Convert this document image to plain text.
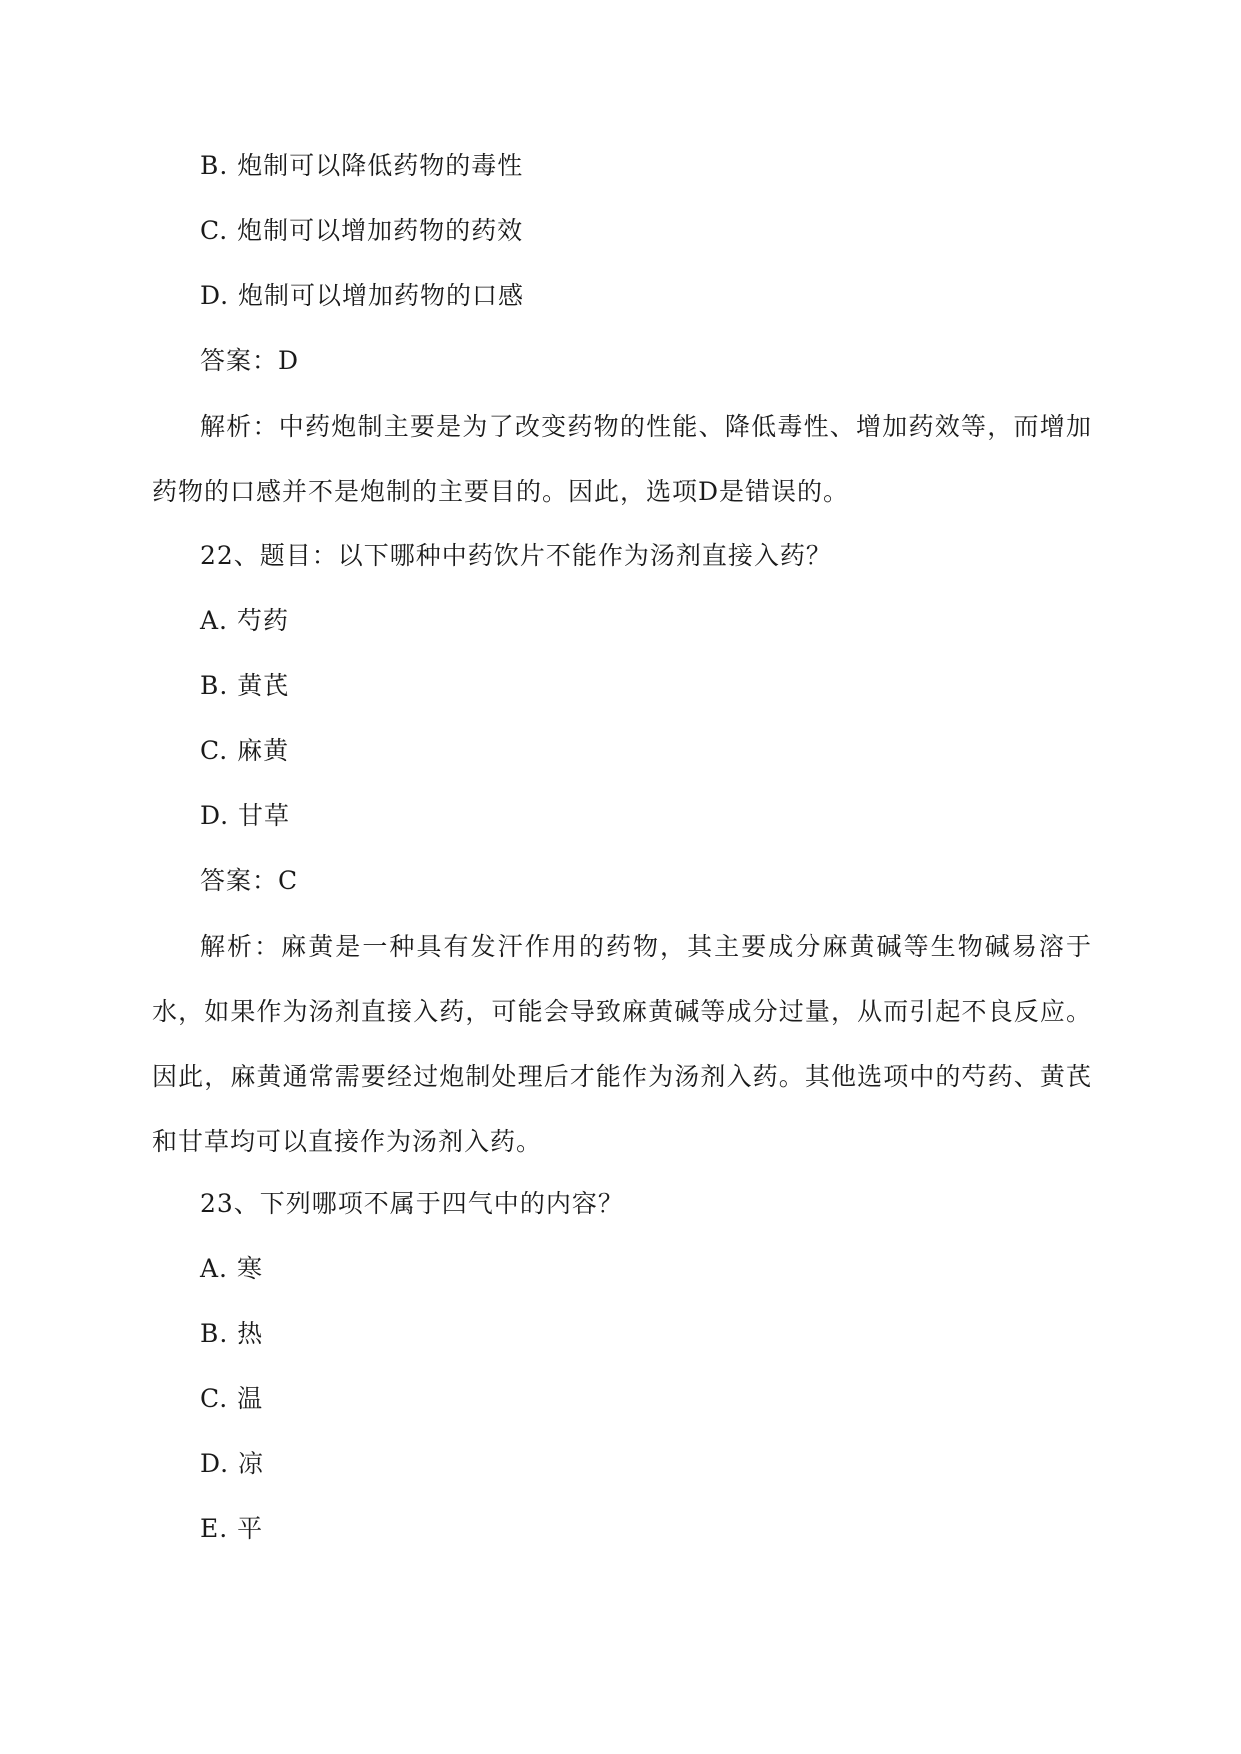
B. 炮制可以降低药物的毒性
C. 炮制可以增加药物的药效
D. 炮制可以增加药物的口感
答案：D
解析：中药炮制主要是为了改变药物的性能、降低毒性、增加药效等，而增加药物的口感并不是炮制的主要目的。因此，选项D是错误的。
22、题目：以下哪种中药饮片不能作为汤剂直接入药？
A. 芍药
B. 黄芪
C. 麻黄
D. 甘草
答案：C
解析：麻黄是一种具有发汗作用的药物，其主要成分麻黄碱等生物碱易溶于水，如果作为汤剂直接入药，可能会导致麻黄碱等成分过量，从而引起不良反应。因此，麻黄通常需要经过炮制处理后才能作为汤剂入药。其他选项中的芍药、黄芪和甘草均可以直接作为汤剂入药。
23、下列哪项不属于四气中的内容？
A. 寒
B. 热
C. 温
D. 凉
E. 平
